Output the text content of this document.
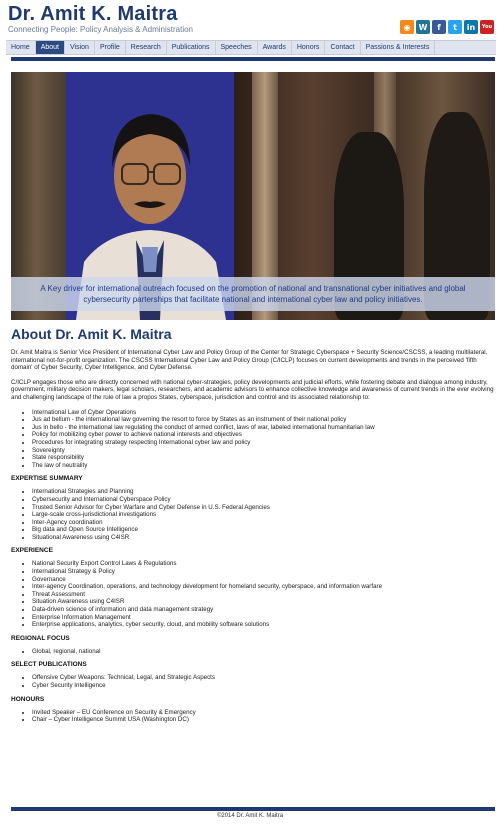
Dr. Amit K. Maitra
Connecting People: Policy Analysis & Administration	◉	W	f	t	in	You
Home	About	Vision	Profile	Research	Publications	Speeches	Awards	Honors	Contact	Passions & Interests
A Key driver for international outreach focused on the promotion of national and transnational cyber initiatives and global cybersecurity parterships that facilitate national and international cyber law and policy initiatives.
About Dr. Amit K. Maitra

Dr. Amit Maitra is Senior Vice President of International Cyber Law and Policy Group of the Center for Strategic Cyberspace + Security Science/CSCSS, a leading multilateral, international not-for-profit organization. The CSCSS International Cyber Law and Policy Group (C/ICLP) focuses on current developments and trends in the perceived 'fifth domain' of Cyber Security, Cyber Intelligence, and Cyber Defense.

C/ICLP engages those who are directly concerned with national cyber-strategies, policy developments and judicial efforts, while fostering debate and dialogue among industry, government, military decision makers, legal scholars, researchers, and academic advisors to enhance collective knowledge and awareness of current trends in the ever evolving and challenging landscape of the rule of law a propos States, cyberspace, jurisdiction and control and its associated relationship to:

• International Law of Cyber Operations
• Jus ad bellum - the international law governing the resort to force by States as an instrument of their national policy
• Jus in bello - the international law regulating the conduct of armed conflict, laws of war, labeled international humanitarian law
• Policy for mobilizing cyber power to achieve national interests and objectives
• Procedures for integrating strategy respecting International cyber law and policy
• Sovereignty
• State responsibility
• The law of neutrality
EXPERTISE SUMMARY
• International Strategies and Planning
• Cybersecurity and International Cyberspace Policy
• Trusted Senior Advisor for Cyber Warfare and Cyber Defense in U.S. Federal Agencies
• Large-scale cross-jurisdictional investigations
• Inter-Agency coordination
• Big data and Open Source Intelligence
• Situational Awareness using C4ISR
EXPERIENCE
• National Security Export Control Laws & Regulations
• International Strategy & Policy
• Governance
• Inter-agency Coordination, operations, and technology development for homeland security, cyberspace, and information warfare
• Threat Assessment
• Situation Awareness using C4ISR
• Data-driven science of information and data management strategy
• Enterprise Information Management
• Enterprise applications, analytics, cyber security, cloud, and mobility software solutions
REGIONAL FOCUS
• Global, regional, national
SELECT PUBLICATIONS
• Offensive Cyber Weapons: Technical, Legal, and Strategic Aspects
• Cyber Security Intelligence
HONOURS
• Invited Speaker – EU Conference on Security & Emergency
• Chair – Cyber Intelligence Summit USA (Washington DC)
©2014 Dr. Amit K. Maitra
